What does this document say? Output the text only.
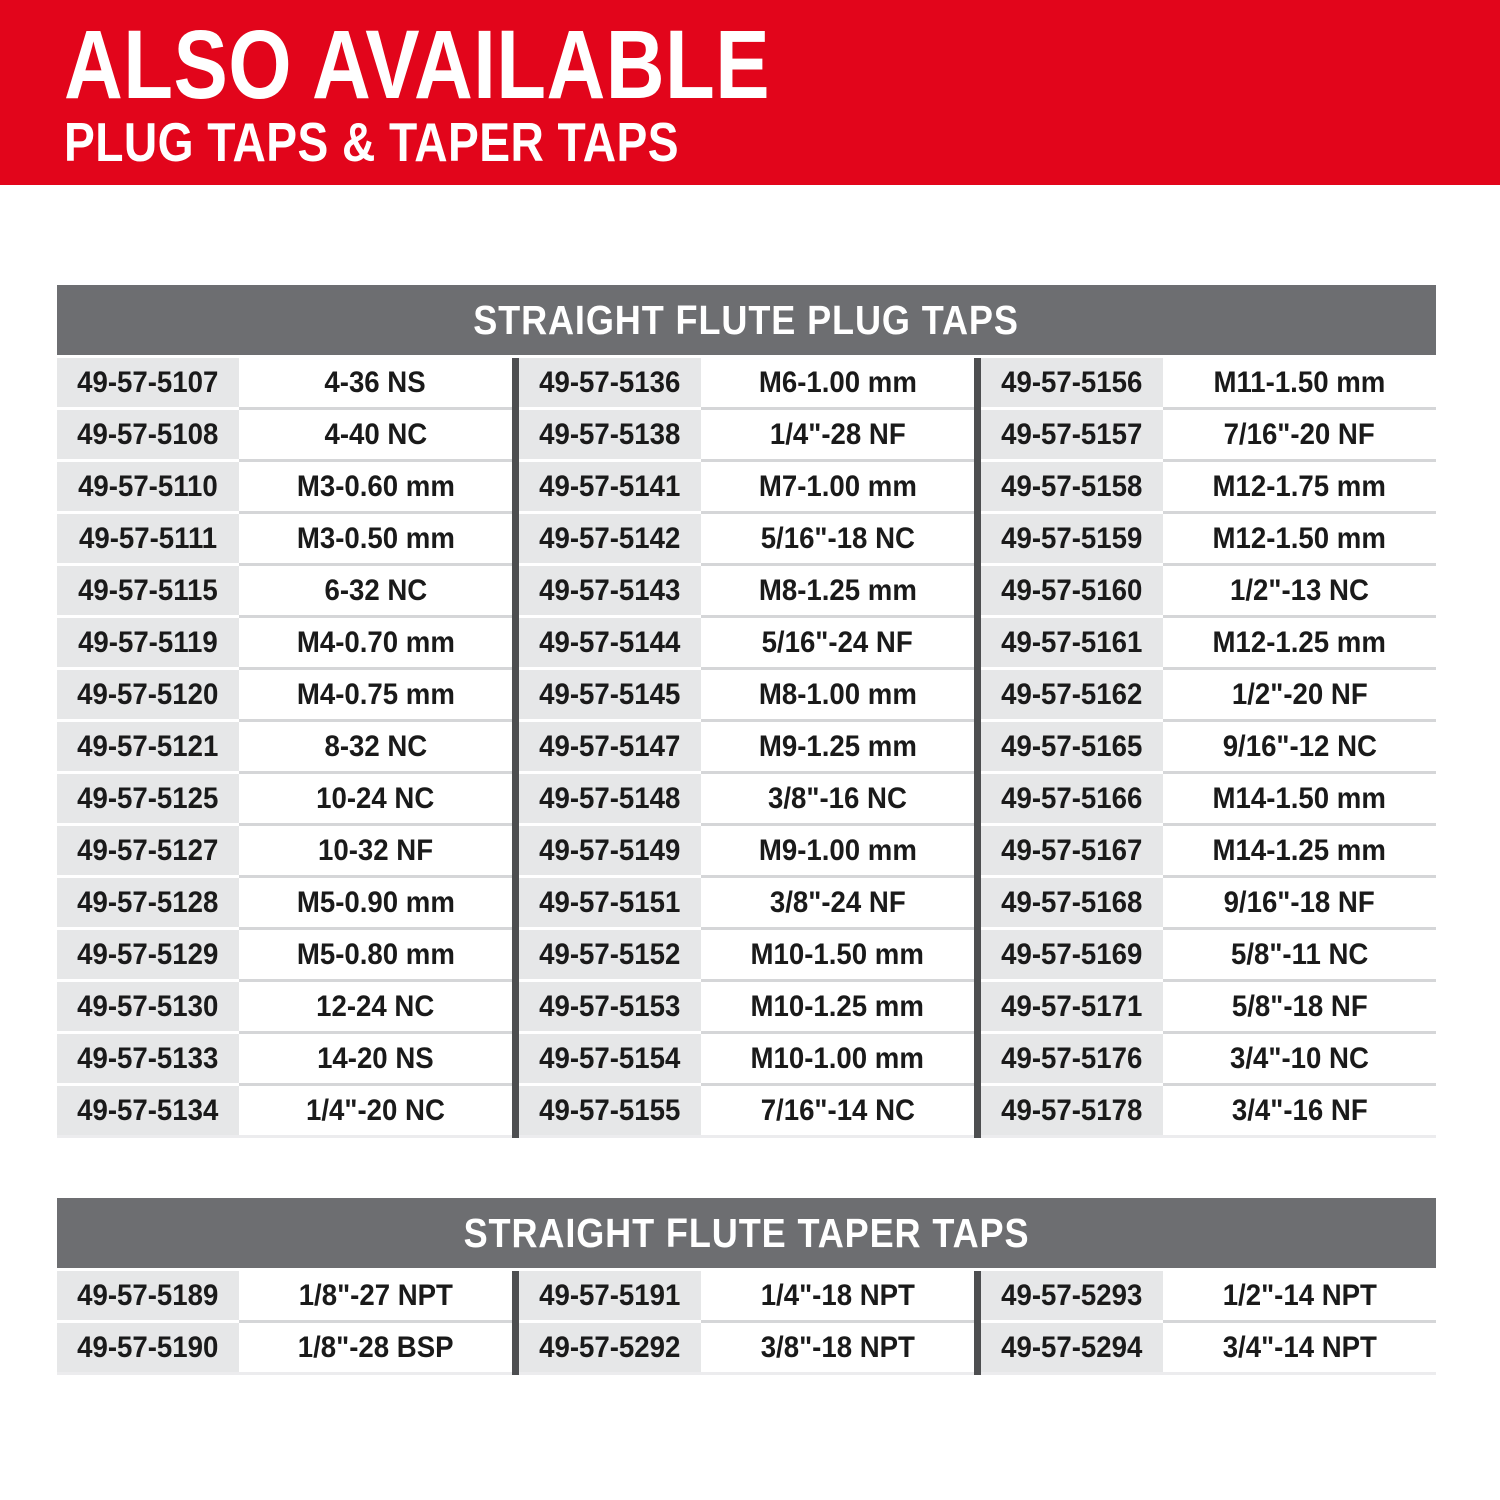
ALSO AVAILABLE
PLUG TAPS & TAPER TAPS
STRAIGHT FLUTE PLUG TAPS
49-57-5107	4-36 NS	49-57-5136	M6-1.00 mm	49-57-5156 M11-1.50 mm
49-57-5108	4-40 NC	49-57-5138	1/4"-28 NF	49-57-5157	7/16"-20 NF
49-57-5110	M3-0.60 mm	49-57-5141	M7-1.00 mm	49-57-5158 M12-1.75 mm
49-57-5111	M3-0.50 mm	49-57-5142	5/16"-18 NC	49-57-5159 M12-1.50 mm
49-57-5115	6-32 NC	49-57-5143	M8-1.25 mm	49-57-5160	1/2"-13 NC
49-57-5119	M4-0.70 mm	49-57-5144	5/16"-24 NF	49-57-5161 M12-1.25 mm
49-57-5120	M4-0.75 mm	49-57-5145	M8-1.00 mm	49-57-5162	1/2"-20 NF
49-57-5121	8-32 NC	49-57-5147	M9-1.25 mm	49-57-5165	9/16"-12 NC
49-57-5125	10-24 NC	49-57-5148	3/8"-16 NC	49-57-5166 M14-1.50 mm
49-57-5127	10-32 NF	49-57-5149	M9-1.00 mm	49-57-5167 M14-1.25 mm
49-57-5128	M5-0.90 mm	49-57-5151	3/8"-24 NF	49-57-5168	9/16"-18 NF
49-57-5129	M5-0.80 mm	49-57-5152 M10-1.50 mm	49-57-5169	5/8"-11 NC
49-57-5130	12-24 NC	49-57-5153 M10-1.25 mm	49-57-5171	5/8"-18 NF
49-57-5133	14-20 NS	49-57-5154 M10-1.00 mm	49-57-5176	3/4"-10 NC
49-57-5134	1/4"-20 NC	49-57-5155	7/16"-14 NC	49-57-5178	3/4"-16 NF
STRAIGHT FLUTE TAPER TAPS
49-57-5189	1/8"-27 NPT	49-57-5191	1/4"-18 NPT	49-57-5293	1/2"-14 NPT
49-57-5190	1/8"-28 BSP	49-57-5292	3/8"-18 NPT	49-57-5294	3/4"-14 NPT
